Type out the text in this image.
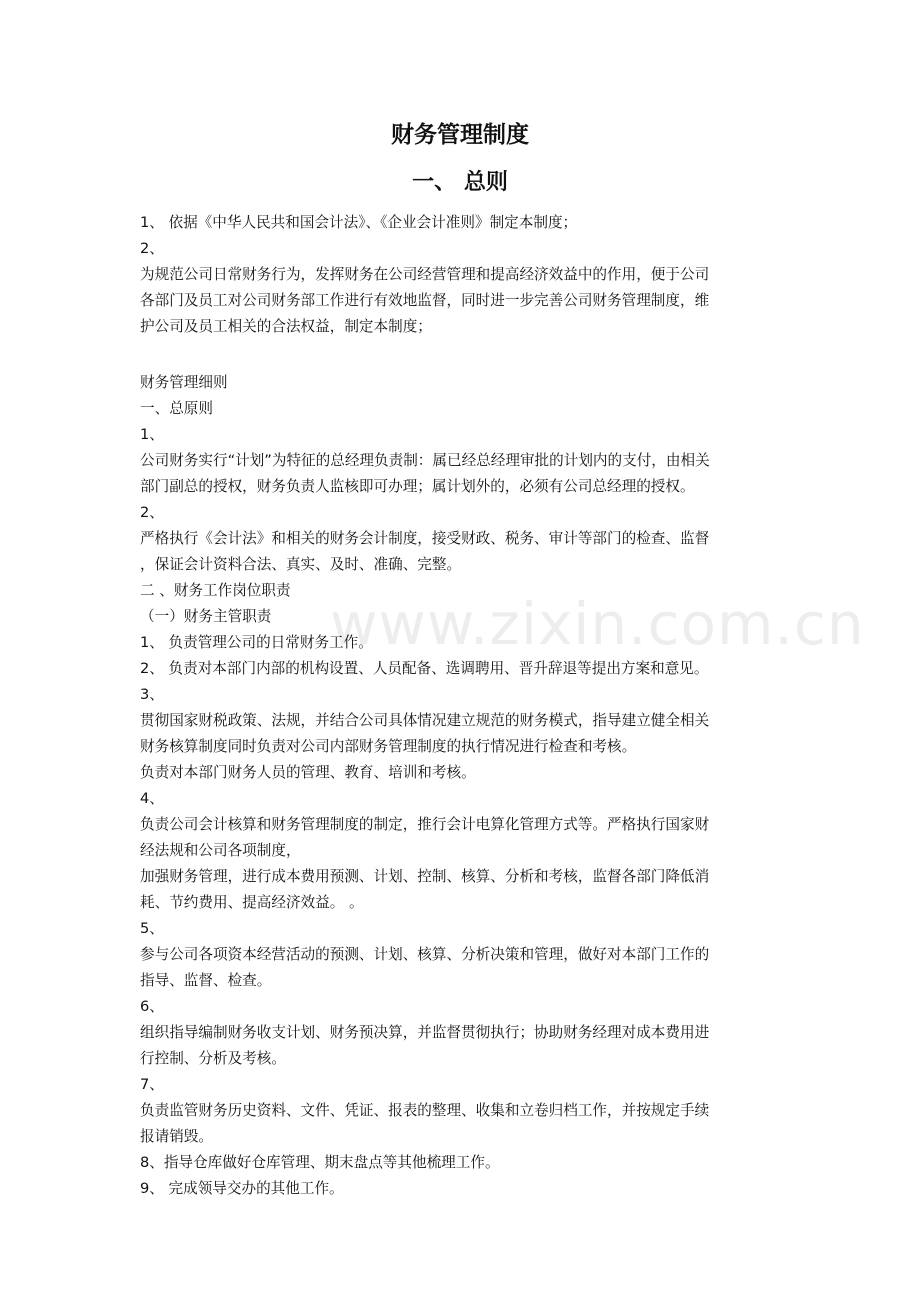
www.zixin.com.cn
财务管理制度
一、 总则
1、 依据《中华人民共和国会计法》、《企业会计准则》制定本制度；
2、
为规范公司日常财务行为，发挥财务在公司经营管理和提高经济效益中的作用，便于公司
各部门及员工对公司财务部工作进行有效地监督，同时进一步完善公司财务管理制度，维
护公司及员工相关的合法权益，制定本制度；
财务管理细则
一、总原则
1、
公司财务实行“计划”为特征的总经理负责制：属已经总经理审批的计划内的支付，由相关
部门副总的授权，财务负责人监核即可办理；属计划外的，必须有公司总经理的授权。
2、
严格执行《会计法》和相关的财务会计制度，接受财政、税务、审计等部门的检查、监督
，保证会计资料合法、真实、及时、准确、完整。
二 、财务工作岗位职责
（一）财务主管职责
1、 负责管理公司的日常财务工作。
2、 负责对本部门内部的机构设置、人员配备、选调聘用、晋升辞退等提出方案和意见。
3、
贯彻国家财税政策、法规，并结合公司具体情况建立规范的财务模式，指导建立健全相关
财务核算制度同时负责对公司内部财务管理制度的执行情况进行检查和考核。
负责对本部门财务人员的管理、教育、培训和考核。
4、
负责公司会计核算和财务管理制度的制定，推行会计电算化管理方式等。严格执行国家财
经法规和公司各项制度，
加强财务管理，进行成本费用预测、计划、控制、核算、分析和考核，监督各部门降低消
耗、节约费用、提高经济效益。 。
5、
参与公司各项资本经营活动的预测、计划、核算、分析决策和管理，做好对本部门工作的
指导、监督、检查。
6、
组织指导编制财务收支计划、财务预决算，并监督贯彻执行；协助财务经理对成本费用进
行控制、分析及考核。
7、
负责监管财务历史资料、文件、凭证、报表的整理、收集和立卷归档工作，并按规定手续
报请销毁。
8、指导仓库做好仓库管理、期末盘点等其他梳理工作。
9、 完成领导交办的其他工作。
